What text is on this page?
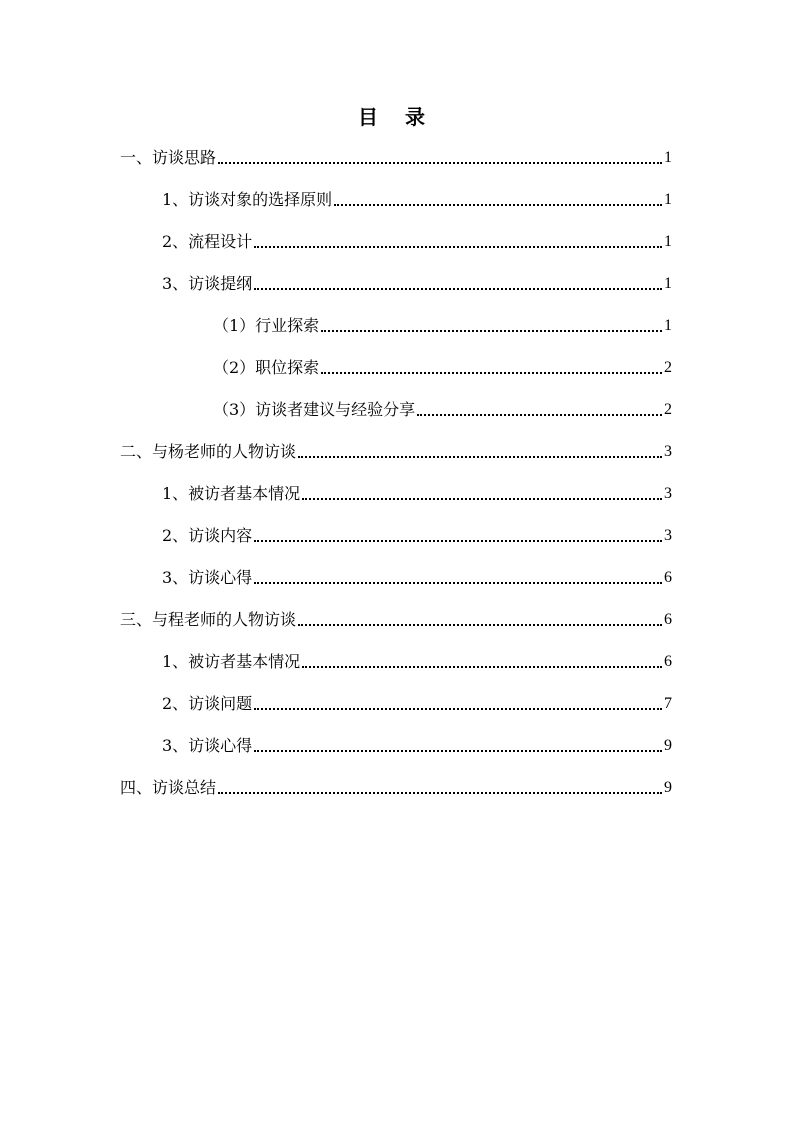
目 录
一、访谈思路	1
1、访谈对象的选择原则	1
2、流程设计	1
3、访谈提纲	1
（1）行业探索	1
（2）职位探索	2
（3）访谈者建议与经验分享	2
二、与杨老师的人物访谈	3
1、被访者基本情况	3
2、访谈内容	3
3、访谈心得	6
三、与程老师的人物访谈	6
1、被访者基本情况	6
2、访谈问题	7
3、访谈心得	9
四、访谈总结	9
